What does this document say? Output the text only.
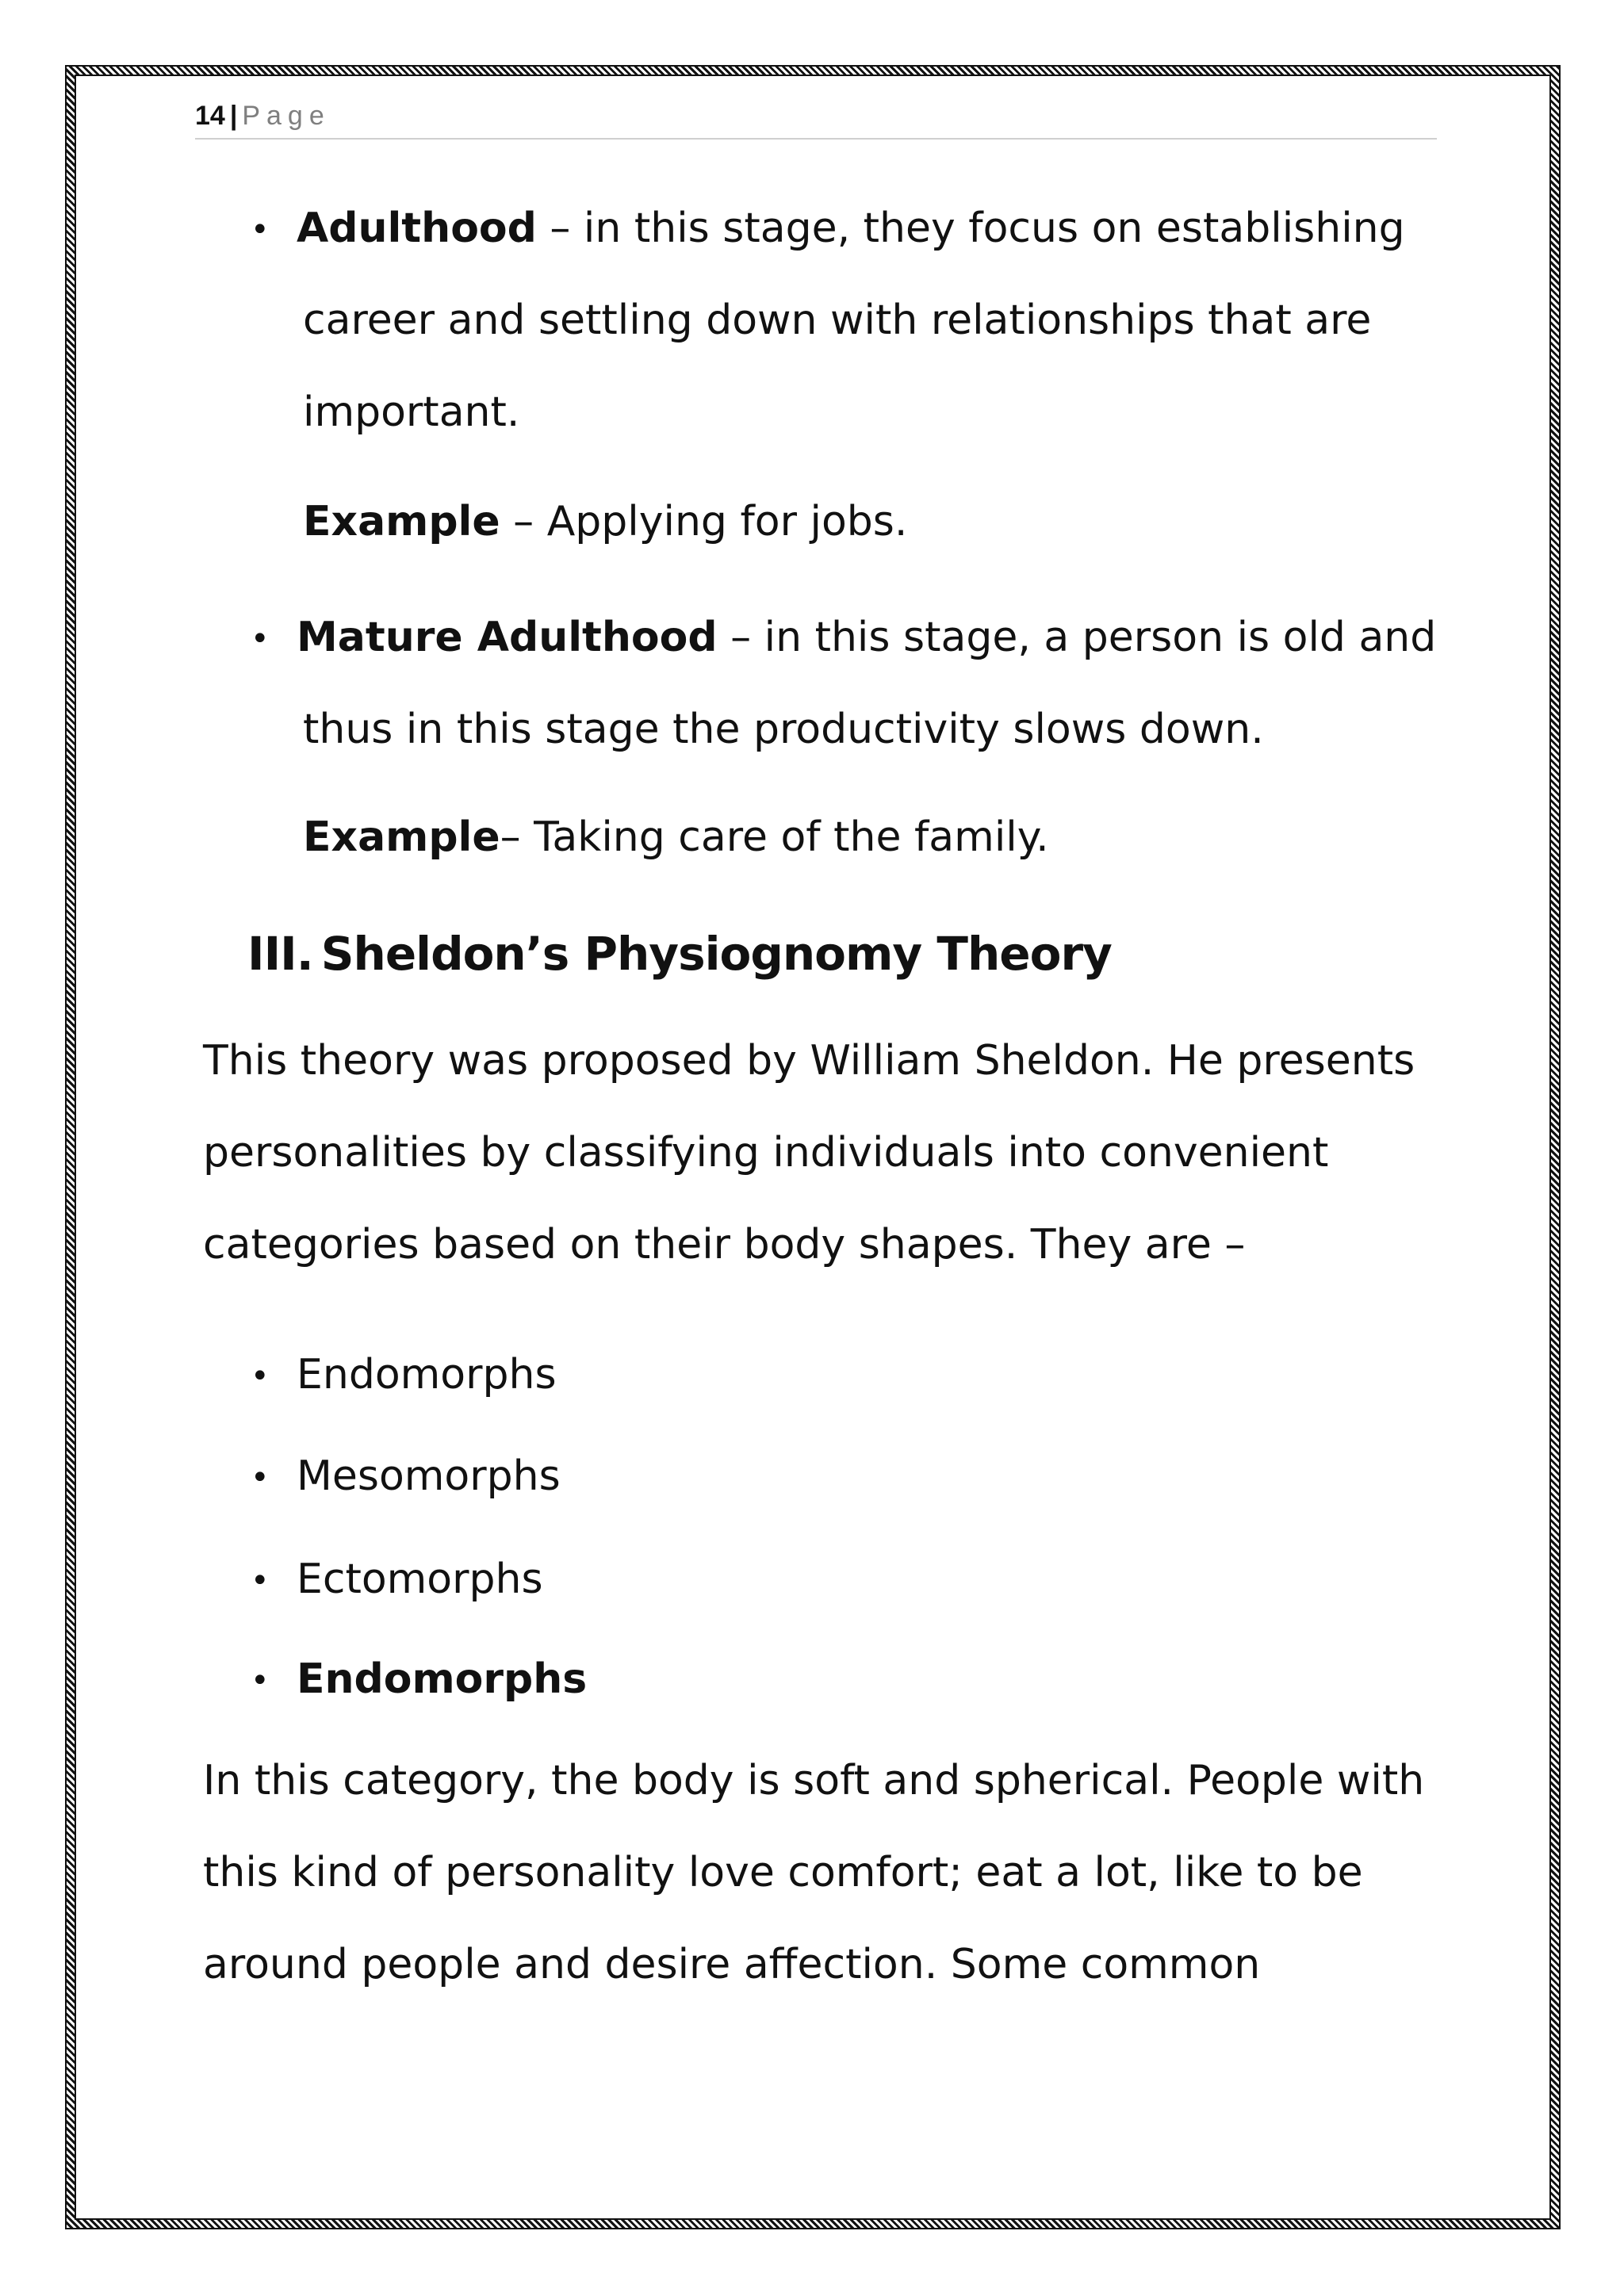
14 | Page
• Adulthood – in this stage, they focus on establishing
career and settling down with relationships that are
important.
Example – Applying for jobs.
• Mature Adulthood – in this stage, a person is old and
thus in this stage the productivity slows down.
Example– Taking care of the family.
III. Sheldon’s Physiognomy Theory
This theory was proposed by William Sheldon. He presents
personalities by classifying individuals into convenient
categories based on their body shapes. They are –
• Endomorphs
• Mesomorphs
• Ectomorphs
• Endomorphs
In this category, the body is soft and spherical. People with
this kind of personality love comfort; eat a lot, like to be
around people and desire affection. Some common
